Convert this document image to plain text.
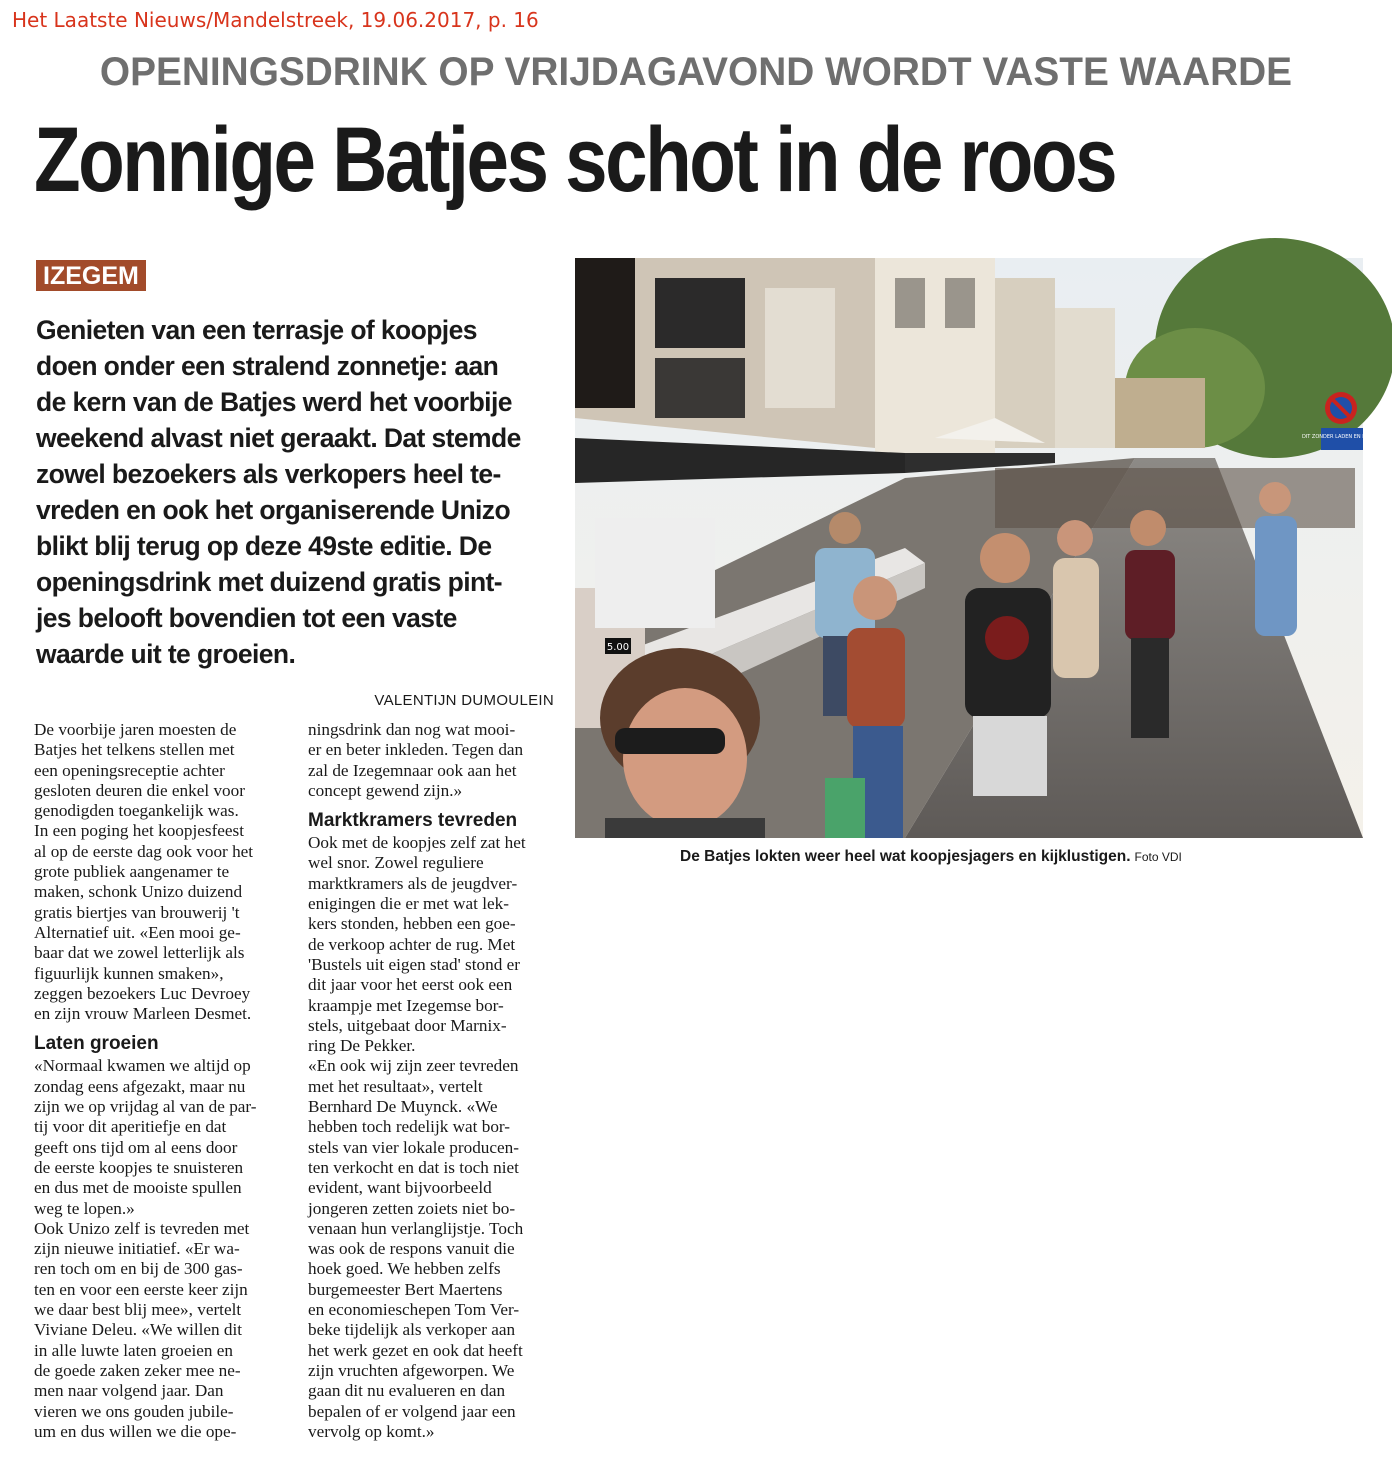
Het Laatste Nieuws/Mandelstreek, 19.06.2017, p. 16
OPENINGSDRINK OP VRIJDAGAVOND WORDT VASTE WAARDE
Zonnige Batjes schot in de roos
IZEGEM
Genieten van een terrasje of koopjes
doen onder een stralend zonnetje: aan
de kern van de Batjes werd het voorbije
weekend alvast niet geraakt. Dat stemde
zowel bezoekers als verkopers heel te-
vreden en ook het organiserende Unizo
blikt blij terug op deze 49ste editie. De
openingsdrink met duizend gratis pint-
jes belooft bovendien tot een vaste
waarde uit te groeien.
VALENTIJN DUMOULEIN
De voorbije jaren moesten de
Batjes het telkens stellen met
een openingsreceptie achter
gesloten deuren die enkel voor
genodigden toegankelijk was.
In een poging het koopjesfeest
al op de eerste dag ook voor het
grote publiek aangenamer te
maken, schonk Unizo duizend
gratis biertjes van brouwerij 't
Alternatief uit. «Een mooi ge-
baar dat we zowel letterlijk als
figuurlijk kunnen smaken»,
zeggen bezoekers Luc Devroey
en zijn vrouw Marleen Desmet.
Laten groeien
«Normaal kwamen we altijd op
zondag eens afgezakt, maar nu
zijn we op vrijdag al van de par-
tij voor dit aperitiefje en dat
geeft ons tijd om al eens door
de eerste koopjes te snuisteren
en dus met de mooiste spullen
weg te lopen.»
Ook Unizo zelf is tevreden met
zijn nieuwe initiatief. «Er wa-
ren toch om en bij de 300 gas-
ten en voor een eerste keer zijn
we daar best blij mee», vertelt
Viviane Deleu. «We willen dit
in alle luwte laten groeien en
de goede zaken zeker mee ne-
men naar volgend jaar. Dan
vieren we ons gouden jubile-
um en dus willen we die ope-
ningsdrink dan nog wat mooi-
er en beter inkleden. Tegen dan
zal de Izegemnaar ook aan het
concept gewend zijn.»
Marktkramers tevreden
Ook met de koopjes zelf zat het
wel snor. Zowel reguliere
marktkramers als de jeugdver-
enigingen die er met wat lek-
kers stonden, hebben een goe-
de verkoop achter de rug. Met
'Bustels uit eigen stad' stond er
dit jaar voor het eerst ook een
kraampje met Izegemse bor-
stels, uitgebaat door Marnix-
ring De Pekker.
«En ook wij zijn zeer tevreden
met het resultaat», vertelt
Bernhard De Muynck. «We
hebben toch redelijk wat bor-
stels van vier lokale producen-
ten verkocht en dat is toch niet
evident, want bijvoorbeeld
jongeren zetten zoiets niet bo-
venaan hun verlanglijstje. Toch
was ook de respons vanuit die
hoek goed. We hebben zelfs
burgemeester Bert Maertens
en economieschepen Tom Ver-
beke tijdelijk als verkoper aan
het werk gezet en ook dat heeft
zijn vruchten afgeworpen. We
gaan dit nu evalueren en dan
bepalen of er volgend jaar een
vervolg op komt.»
DIT ZONDER LADEN EN LOSSEN
5.00
De Batjes lokten weer heel wat koopjesjagers en kijklustigen. Foto VDI
